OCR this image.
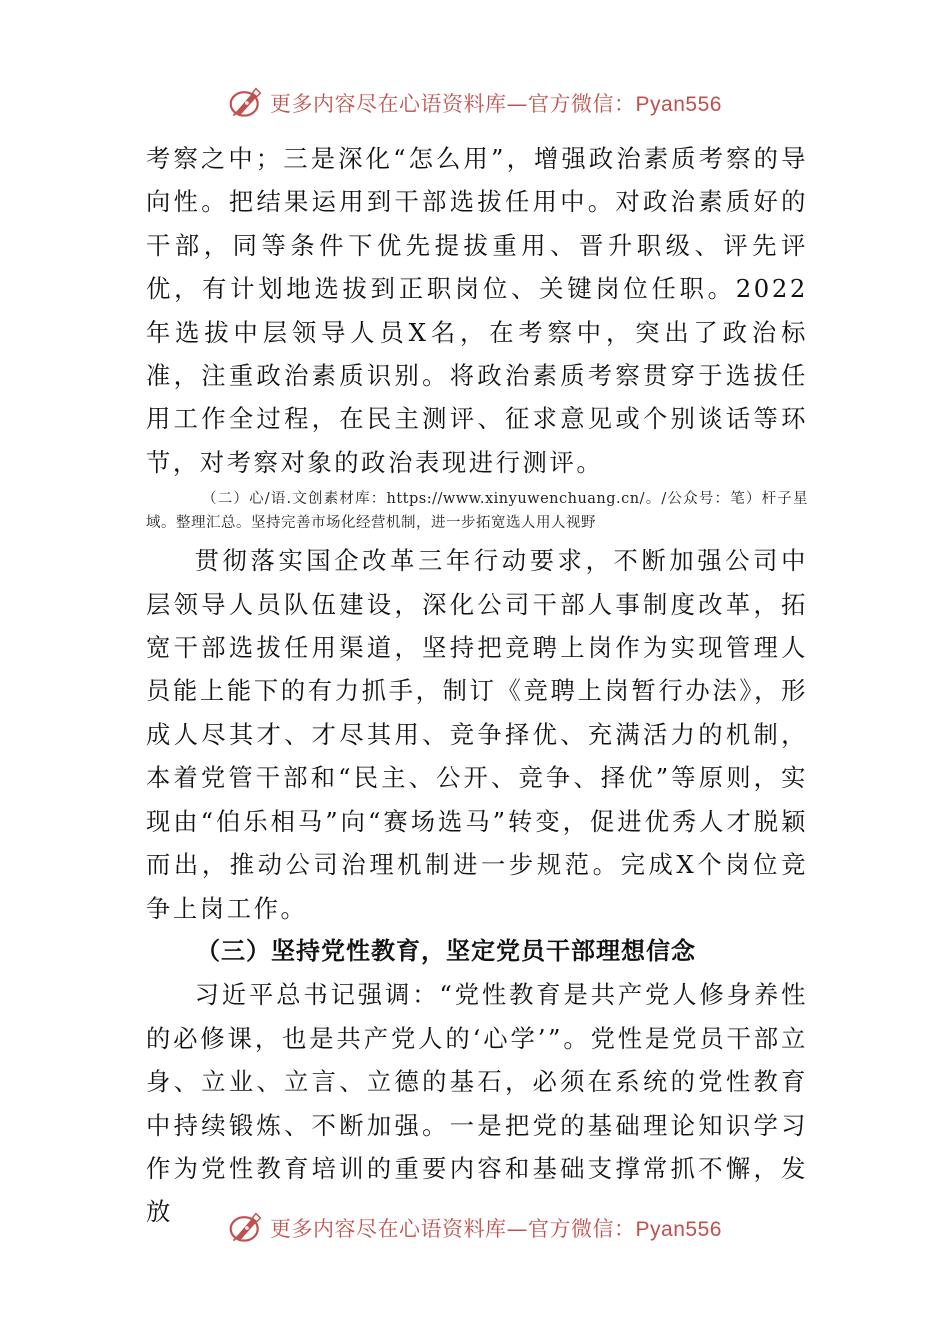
更多内容尽在心语资料库—官方微信：Pyan556

考察之中；三是深化“怎么用”，增强政治素质考察的导向性。把结果运用到干部选拔任用中。对政治素质好的干部，同等条件下优先提拔重用、晋升职级、评先评优，有计划地选拔到正职岗位、关键岗位任职。2022年选拔中层领导人员X名，在考察中，突出了政治标准，注重政治素质识别。将政治素质考察贯穿于选拔任用工作全过程，在民主测评、征求意见或个别谈话等环节，对考察对象的政治表现进行测评。

（二）心/语.文创素材库：https://www.xinyuwenchuang.cn/。/公众号：笔）杆子星域。整理汇总。坚持完善市场化经营机制，进一步拓宽选人用人视野

贯彻落实国企改革三年行动要求，不断加强公司中层领导人员队伍建设，深化公司干部人事制度改革，拓宽干部选拔任用渠道，坚持把竞聘上岗作为实现管理人员能上能下的有力抓手，制订《竞聘上岗暂行办法》，形成人尽其才、才尽其用、竞争择优、充满活力的机制，本着党管干部和“民主、公开、竞争、择优”等原则，实现由“伯乐相马”向“赛场选马”转变，促进优秀人才脱颖而出，推动公司治理机制进一步规范。完成X个岗位竞争上岗工作。

（三）坚持党性教育，坚定党员干部理想信念

习近平总书记强调：“党性教育是共产党人修身养性的必修课，也是共产党人的‘心学’”。党性是党员干部立身、立业、立言、立德的基石，必须在系统的党性教育中持续锻炼、不断加强。一是把党的基础理论知识学习作为党性教育培训的重要内容和基础支撑常抓不懈，发放

更多内容尽在心语资料库—官方微信：Pyan556
